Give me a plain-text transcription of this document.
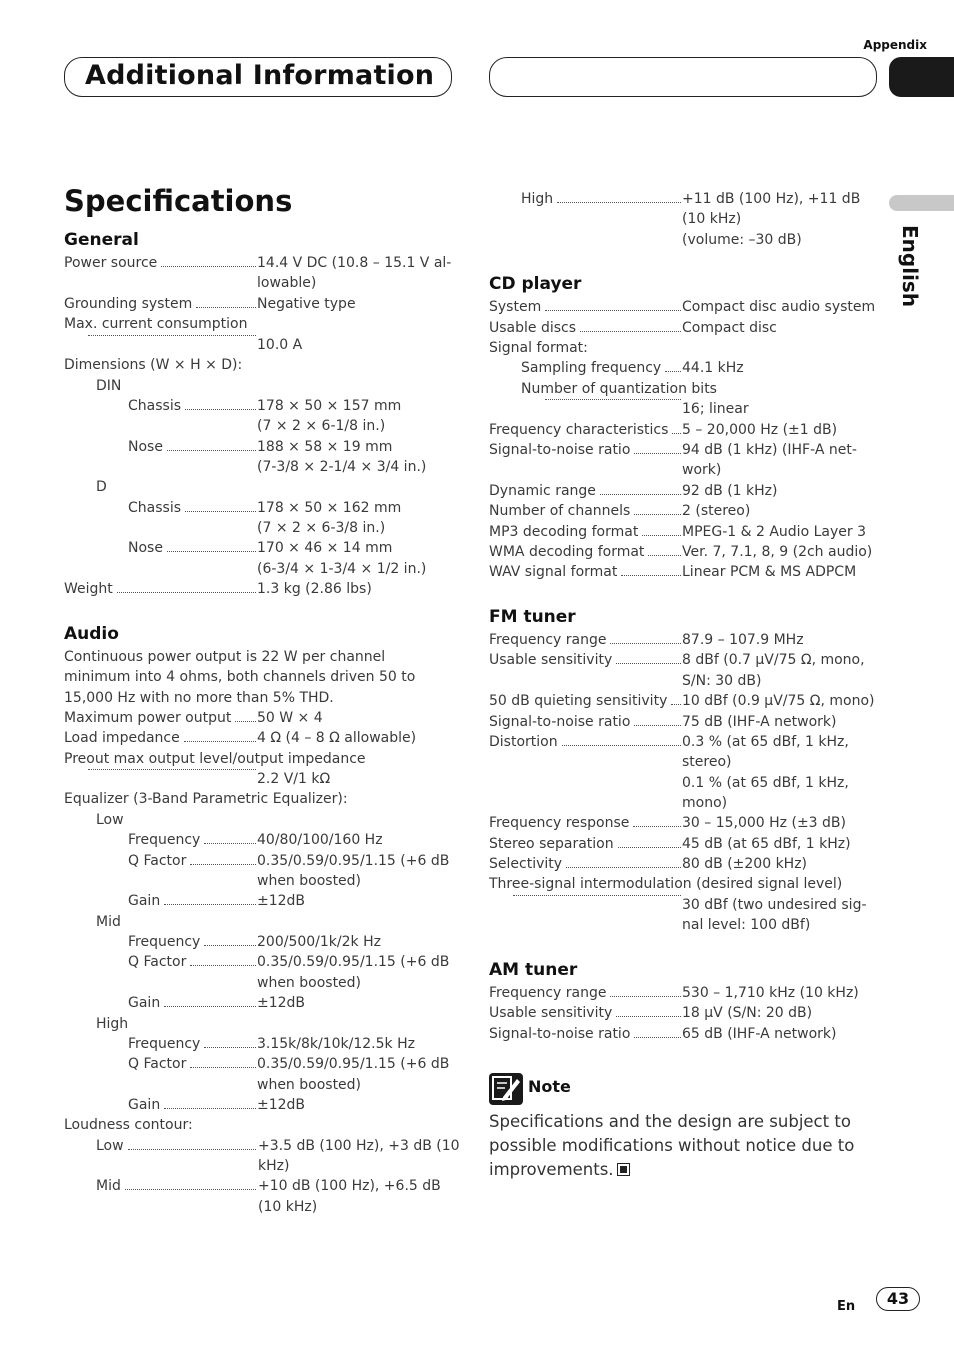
Appendix
Additional Information
English
Specifications
General
Power source	14.4 V DC (10.8 – 15.1 V al-
lowable)
Grounding system	Negative type
Max. current consumption
10.0 A
Dimensions (W × H × D):
DIN
Chassis	178 × 50 × 157 mm
(7 × 2 × 6-1/8 in.)
Nose	188 × 58 × 19 mm
(7-3/8 × 2-1/4 × 3/4 in.)
D
Chassis	178 × 50 × 162 mm
(7 × 2 × 6-3/8 in.)
Nose	170 × 46 × 14 mm
(6-3/4 × 1-3/4 × 1/2 in.)
Weight	1.3 kg (2.86 lbs)
Audio
Continuous power output is 22 W per channel minimum into 4 ohms, both channels driven 50 to 15,000 Hz with no more than 5% THD.
Maximum power output 50 W × 4
Load impedance	4 Ω (4 – 8 Ω allowable)
Preout max output level/output impedance
2.2 V/1 kΩ
Equalizer (3-Band Parametric Equalizer):
Low
Frequency	40/80/100/160 Hz
Q Factor	0.35/0.59/0.95/1.15 (+6 dB
when boosted)
Gain	±12dB
Mid
Frequency	200/500/1k/2k Hz
Q Factor	0.35/0.59/0.95/1.15 (+6 dB
when boosted)
Gain	±12dB
High
Frequency	3.15k/8k/10k/12.5k Hz
Q Factor	0.35/0.59/0.95/1.15 (+6 dB
when boosted)
Gain	±12dB
Loudness contour:
Low	+3.5 dB (100 Hz), +3 dB (10
kHz)
Mid	+10 dB (100 Hz), +6.5 dB
(10 kHz)
High	+11 dB (100 Hz), +11 dB
(10 kHz)
(volume: –30 dB)
CD player
System	Compact disc audio system
Usable discs	Compact disc
Signal format:
Sampling frequency 44.1 kHz
Number of quantization bits
16; linear
Frequency characteristics 5 – 20,000 Hz (±1 dB)
Signal-to-noise ratio	94 dB (1 kHz) (IHF-A net-
work)
Dynamic range	92 dB (1 kHz)
Number of channels	2 (stereo)
MP3 decoding format	MPEG-1 & 2 Audio Layer 3
WMA decoding format	Ver. 7, 7.1, 8, 9 (2ch audio)
WAV signal format	Linear PCM & MS ADPCM
FM tuner
Frequency range	87.9 – 107.9 MHz
Usable sensitivity	8 dBf (0.7 µV/75 Ω, mono,
S/N: 30 dB)
50 dB quieting sensitivity 10 dBf (0.9 µV/75 Ω, mono)
Signal-to-noise ratio	75 dB (IHF-A network)
Distortion	0.3 % (at 65 dBf, 1 kHz,
stereo)
0.1 % (at 65 dBf, 1 kHz,
mono)
Frequency response	30 – 15,000 Hz (±3 dB)
Stereo separation	45 dB (at 65 dBf, 1 kHz)
Selectivity	80 dB (±200 kHz)
Three-signal intermodulation (desired signal level)
30 dBf (two undesired sig-
nal level: 100 dBf)
AM tuner
Frequency range	530 – 1,710 kHz (10 kHz)
Usable sensitivity	18 µV (S/N: 20 dB)
Signal-to-noise ratio	65 dB (IHF-A network)
Note
Specifications and the design are subject to possible modifications without notice due to improvements.
En	43
